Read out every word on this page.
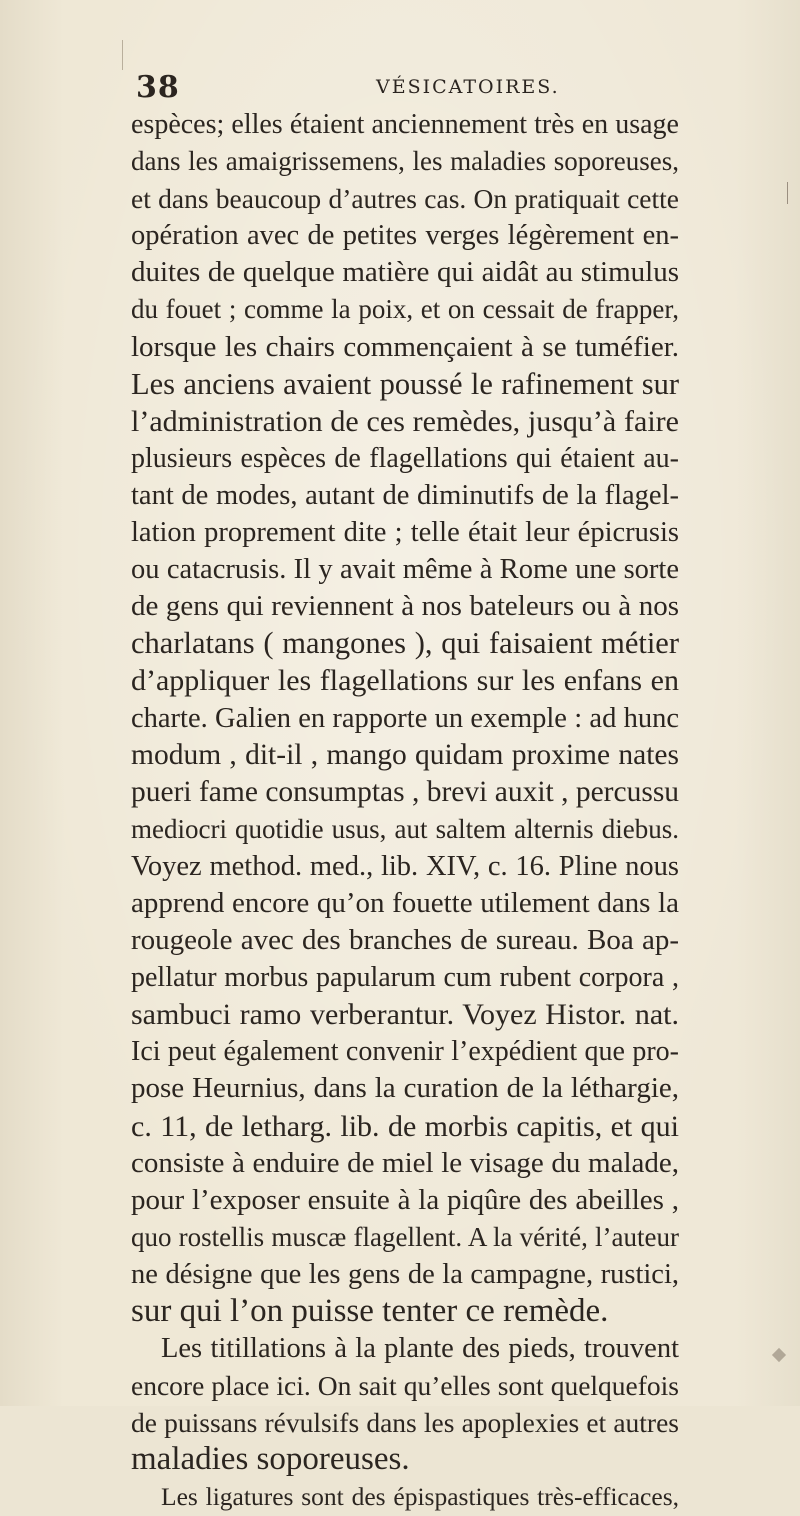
38	VÉSICATOIRES.
espèces; elles étaient anciennement très en usage
dans les amaigrissemens, les maladies soporeuses,
et dans beaucoup d’autres cas. On pratiquait cette
opération avec de petites verges légèrement en-
duites de quelque matière qui aidât au stimulus
du fouet ; comme la poix, et on cessait de frapper,
lorsque les chairs commençaient à se tuméfier.
Les anciens avaient poussé le rafinement sur
l’administration de ces remèdes, jusqu’à faire
plusieurs espèces de flagellations qui étaient au-
tant de modes, autant de diminutifs de la flagel-
lation proprement dite ; telle était leur épicrusis
ou catacrusis. Il y avait même à Rome une sorte
de gens qui reviennent à nos bateleurs ou à nos
charlatans ( mangones ), qui faisaient métier
d’appliquer les flagellations sur les enfans en
charte. Galien en rapporte un exemple : ad hunc
modum , dit-il , mango quidam proxime nates
pueri fame consumptas , brevi auxit , percussu
mediocri quotidie usus, aut saltem alternis diebus.
Voyez method. med., lib. XIV, c. 16. Pline nous
apprend encore qu’on fouette utilement dans la
rougeole avec des branches de sureau. Boa ap-
pellatur morbus papularum cum rubent corpora ,
sambuci ramo verberantur. Voyez Histor. nat.
Ici peut également convenir l’expédient que pro-
pose Heurnius, dans la curation de la léthargie,
c. 11, de letharg. lib. de morbis capitis, et qui
consiste à enduire de miel le visage du malade,
pour l’exposer ensuite à la piqûre des abeilles ,
quo rostellis muscæ flagellent. A la vérité, l’auteur
ne désigne que les gens de la campagne, rustici,
sur qui l’on puisse tenter ce remède.
Les titillations à la plante des pieds, trouvent
encore place ici. On sait qu’elles sont quelquefois
de puissans révulsifs dans les apoplexies et autres
maladies soporeuses.
Les ligatures sont des épispastiques très-efficaces,
